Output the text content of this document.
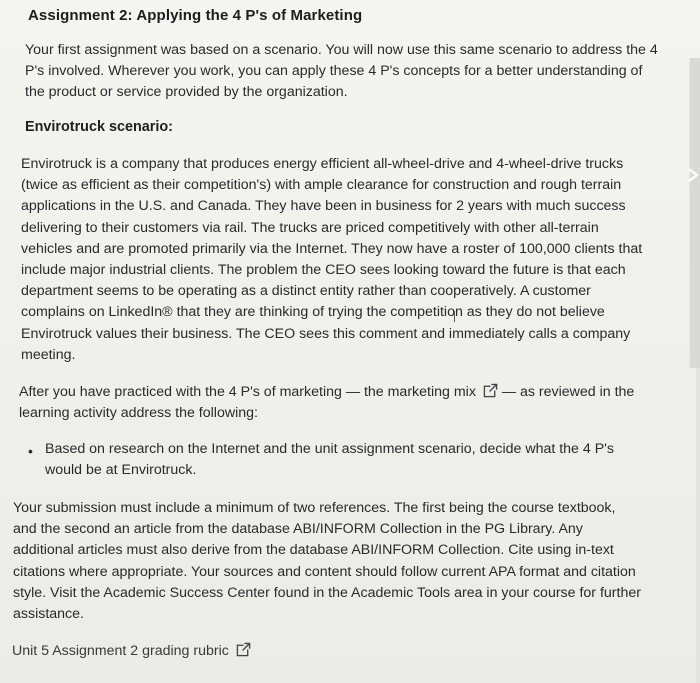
Assignment 2: Applying the 4 P's of Marketing
Your first assignment was based on a scenario. You will now use this same scenario to address the 4 P's involved. Wherever you work, you can apply these 4 P's concepts for a better understanding of the product or service provided by the organization.
Envirotruck scenario:
Envirotruck is a company that produces energy efficient all-wheel-drive and 4-wheel-drive trucks
(twice as efficient as their competition's) with ample clearance for construction and rough terrain
applications in the U.S. and Canada. They have been in business for 2 years with much success
delivering to their customers via rail. The trucks are priced competitively with other all-terrain
vehicles and are promoted primarily via the Internet. They now have a roster of 100,000 clients that
include major industrial clients. The problem the CEO sees looking toward the future is that each
department seems to be operating as a distinct entity rather than cooperatively. A customer
complains on LinkedIn® that they are thinking of trying the competition as they do not believe
Envirotruck values their business. The CEO sees this comment and immediately calls a company
meeting.
After you have practiced with the 4 P's of marketing — the marketing mix — as reviewed in the
learning activity address the following:
• Based on research on the Internet and the unit assignment scenario, decide what the 4 P's would be at Envirotruck.
Your submission must include a minimum of two references. The first being the course textbook,
and the second an article from the database ABI/INFORM Collection in the PG Library. Any
additional articles must also derive from the database ABI/INFORM Collection. Cite using in-text
citations where appropriate. Your sources and content should follow current APA format and citation
style. Visit the Academic Success Center found in the Academic Tools area in your course for further
assistance.
Unit 5 Assignment 2 grading rubric
